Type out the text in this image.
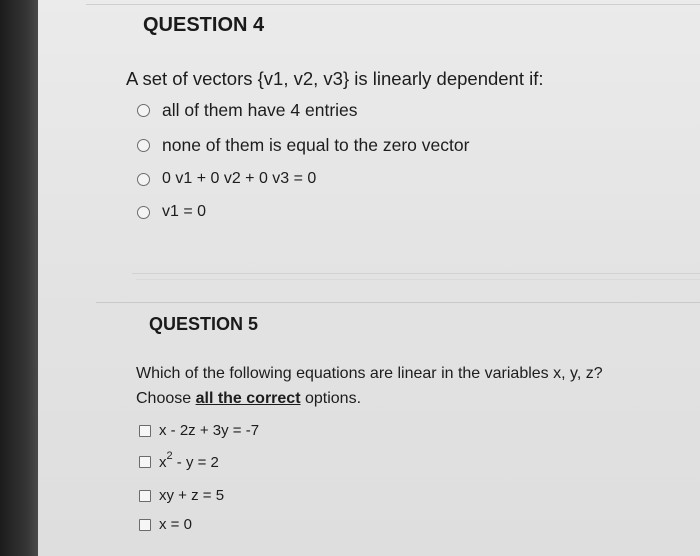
QUESTION 4
A set of vectors {v1, v2, v3} is linearly dependent if:
all of them have 4 entries
none of them is equal to the zero vector
0 v1 + 0 v2 + 0 v3 = 0
v1 = 0
QUESTION 5
Which of the following equations are linear in the variables x, y, z?
Choose all the correct options.
x - 2z + 3y = -7
$x^2 - y = 2$
xy + z = 5
x = 0
